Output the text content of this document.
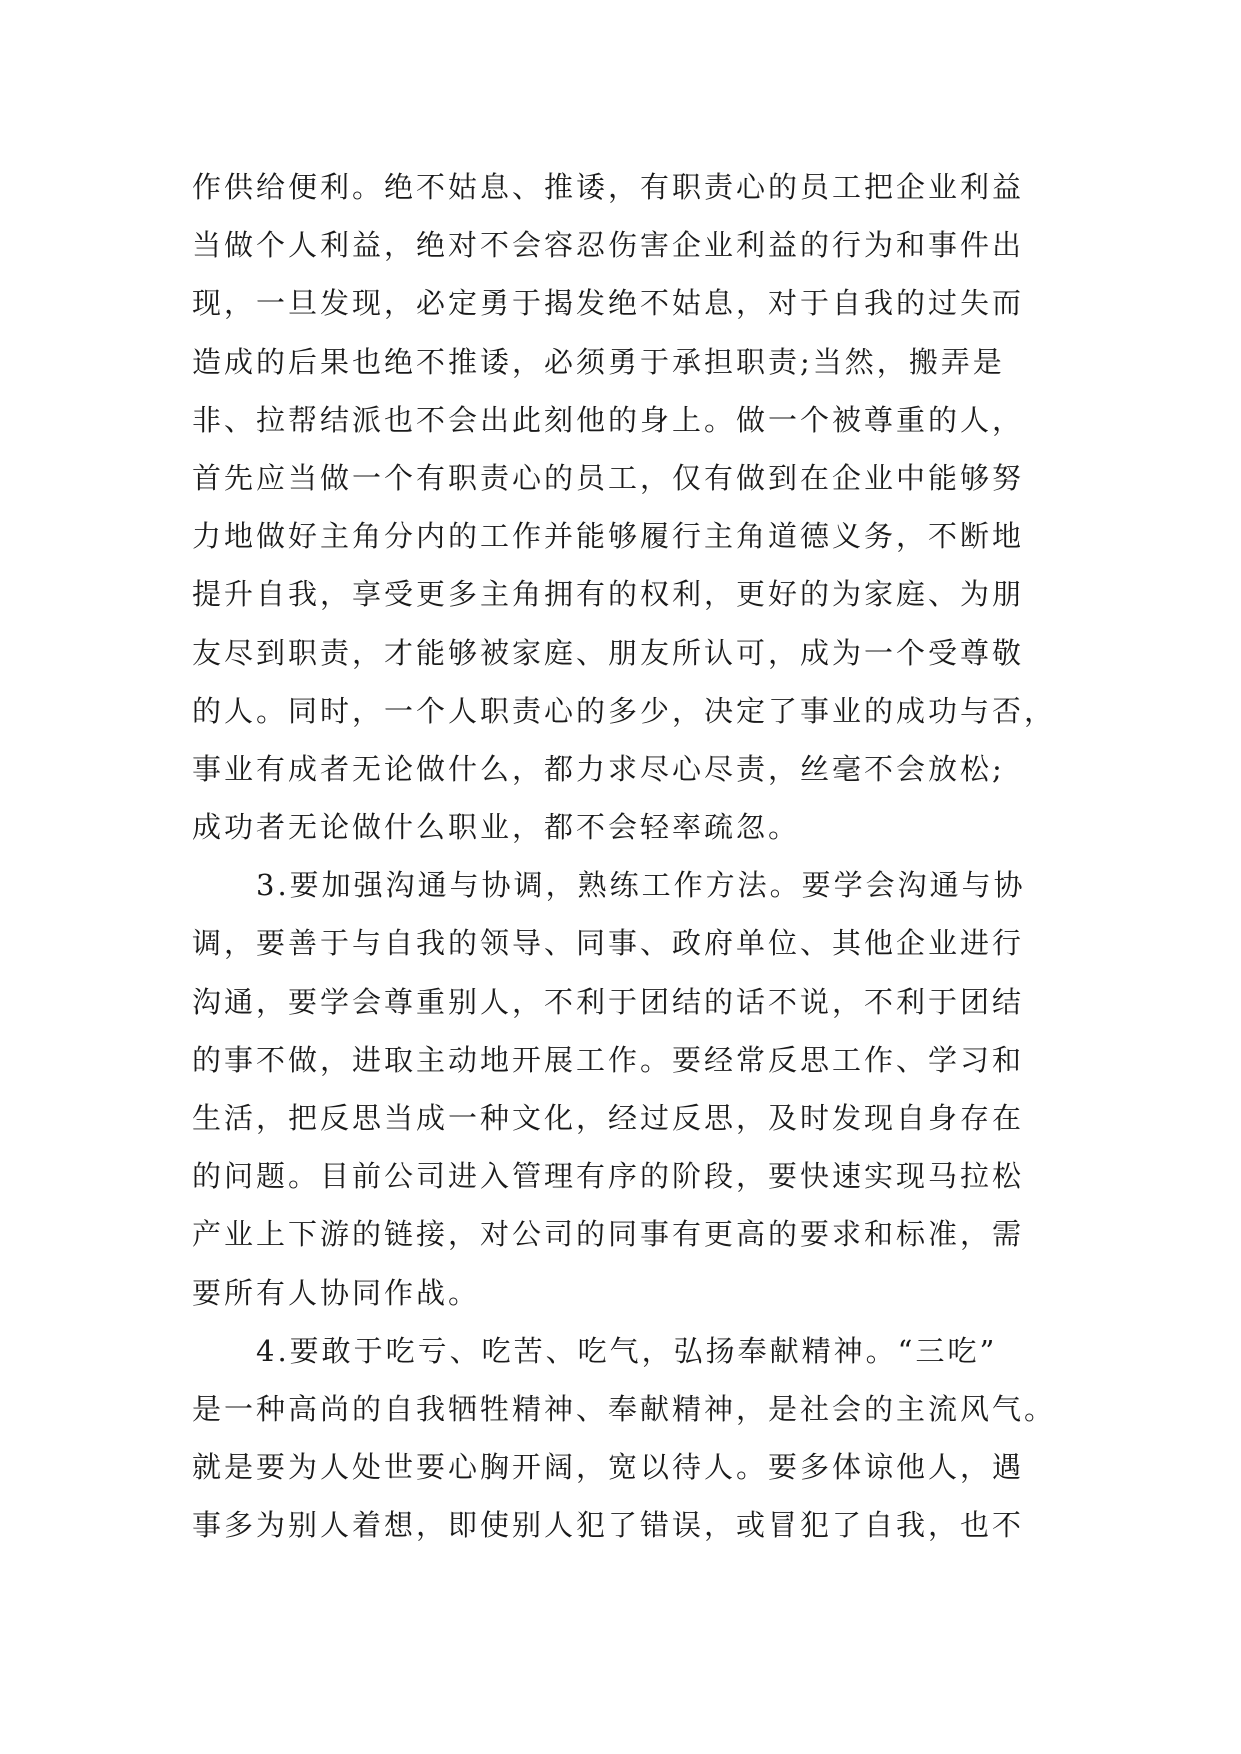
作供给便利。绝不姑息、推诿，有职责心的员工把企业利益
当做个人利益，绝对不会容忍伤害企业利益的行为和事件出
现，一旦发现，必定勇于揭发绝不姑息，对于自我的过失而
造成的后果也绝不推诿，必须勇于承担职责;当然，搬弄是
非、拉帮结派也不会出此刻他的身上。做一个被尊重的人，
首先应当做一个有职责心的员工，仅有做到在企业中能够努
力地做好主角分内的工作并能够履行主角道德义务，不断地
提升自我，享受更多主角拥有的权利，更好的为家庭、为朋
友尽到职责，才能够被家庭、朋友所认可，成为一个受尊敬
的人。同时，一个人职责心的多少，决定了事业的成功与否，
事业有成者无论做什么，都力求尽心尽责，丝毫不会放松;
成功者无论做什么职业，都不会轻率疏忽。
　　3.要加强沟通与协调，熟练工作方法。要学会沟通与协
调，要善于与自我的领导、同事、政府单位、其他企业进行
沟通，要学会尊重别人，不利于团结的话不说，不利于团结
的事不做，进取主动地开展工作。要经常反思工作、学习和
生活，把反思当成一种文化，经过反思，及时发现自身存在
的问题。目前公司进入管理有序的阶段，要快速实现马拉松
产业上下游的链接，对公司的同事有更高的要求和标准，需
要所有人协同作战。
　　4.要敢于吃亏、吃苦、吃气，弘扬奉献精神。“三吃”
是一种高尚的自我牺牲精神、奉献精神，是社会的主流风气。
就是要为人处世要心胸开阔，宽以待人。要多体谅他人，遇
事多为别人着想，即使别人犯了错误，或冒犯了自我，也不
